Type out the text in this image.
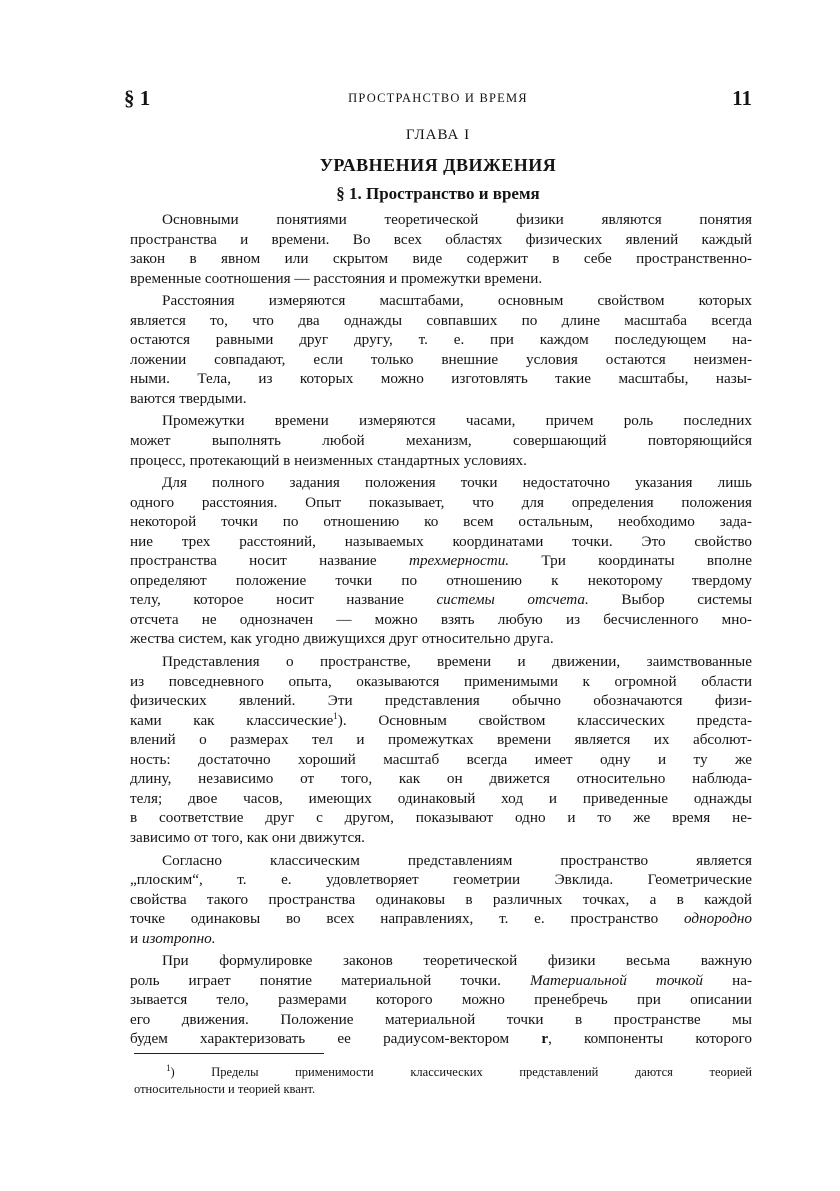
§ 1	ПРОСТРАНСТВО И ВРЕМЯ	11
ГЛАВА I
УРАВНЕНИЯ ДВИЖЕНИЯ
§ 1. Пространство и время
Основными понятиями теоретической физики являются понятия
пространства и времени. Во всех областях физических явлений каждый
закон в явном или скрытом виде содержит в себе пространственно-
временные соотношения — расстояния и промежутки времени.
Расстояния измеряются масштабами, основным свойством которых
является то, что два однажды совпавших по длине масштаба всегда
остаются равными друг другу, т. е. при каждом последующем на-
ложении совпадают, если только внешние условия остаются неизмен-
ными. Тела, из которых можно изготовлять такие масштабы, назы-
ваются твердыми.
Промежутки времени измеряются часами, причем роль последних
может выполнять любой механизм, совершающий повторяющийся
процесс, протекающий в неизменных стандартных условиях.
Для полного задания положения точки недостаточно указания лишь
одного расстояния. Опыт показывает, что для определения положения
некоторой точки по отношению ко всем остальным, необходимо зада-
ние трех расстояний, называемых координатами точки. Это свойство
пространства носит название трехмерности. Три координаты вполне
определяют положение точки по отношению к некоторому твердому
телу, которое носит название системы отсчета. Выбор системы
отсчета не однозначен — можно взять любую из бесчисленного мно-
жества систем, как угодно движущихся друг относительно друга.
Представления о пространстве, времени и движении, заимствованные
из повседневного опыта, оказываются применимыми к огромной области
физических явлений. Эти представления обычно обозначаются физи-
ками как классические$^1$). Основным свойством классических предста-
влений о размерах тел и промежутках времени является их абсолют-
ность: достаточно хороший масштаб всегда имеет одну и ту же
длину, независимо от того, как он движется относительно наблюда-
теля; двое часов, имеющих одинаковый ход и приведенные однажды
в соответствие друг с другом, показывают одно и то же время не-
зависимо от того, как они движутся.
Согласно классическим представлениям пространство является
„плоским“, т. е. удовлетворяет геометрии Эвклида. Геометрические
свойства такого пространства одинаковы в различных точках, а в каждой
точке одинаковы во всех направлениях, т. е. пространство однородно
и изотропно.
При формулировке законов теоретической физики весьма важную
роль играет понятие материальной точки. Материальной точкой на-
зывается тело, размерами которого можно пренебречь при описании
его движения. Положение материальной точки в пространстве мы
будем характеризовать ее радиусом-вектором r, компоненты которого
$^1$) Пределы применимости классических представлений даются теорией
относительности и теорией квант.
